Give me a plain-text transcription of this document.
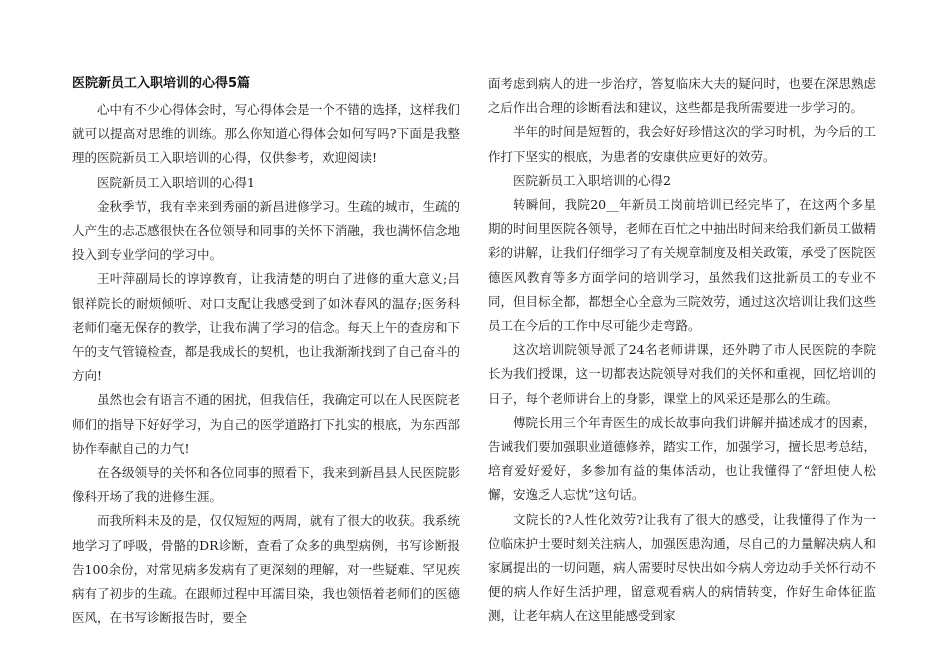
医院新员工入职培训的心得5篇

心中有不少心得体会时，写心得体会是一个不错的选择，这样我们就可以提高对思维的训练。那么你知道心得体会如何写吗?下面是我整理的医院新员工入职培训的心得，仅供参考，欢迎阅读!

医院新员工入职培训的心得1

金秋季节，我有幸来到秀丽的新昌进修学习。生疏的城市，生疏的人产生的忐忑感很快在各位领导和同事的关怀下消融，我也满怀信念地投入到专业学问的学习中。

王叶萍副局长的谆谆教育，让我清楚的明白了进修的重大意义;吕银祥院长的耐烦倾听、对口支配让我感受到了如沐春风的温存;医务科老师们毫无保存的教学，让我布满了学习的信念。每天上午的查房和下午的支气管镜检查，都是我成长的契机，也让我渐渐找到了自己奋斗的方向!

虽然也会有语言不通的困扰，但我信任，我确定可以在人民医院老师们的指导下好好学习，为自己的医学道路打下扎实的根底，为东西部协作奉献自己的力气!

在各级领导的关怀和各位同事的照看下，我来到新昌县人民医院影像科开场了我的进修生涯。

而我所料未及的是，仅仅短短的两周，就有了很大的收获。我系统地学习了呼吸，骨骼的DR诊断，查看了众多的典型病例，书写诊断报告100余份，对常见病多发病有了更深刻的理解，对一些疑难、罕见疾病有了初步的生疏。在跟师过程中耳濡目染，我也领悟着老师们的医德医风，在书写诊断报告时，要全

面考虑到病人的进一步治疗，答复临床大夫的疑问时，也要在深思熟虑之后作出合理的诊断看法和建议，这些都是我所需要进一步学习的。

半年的时间是短暂的，我会好好珍惜这次的学习时机，为今后的工作打下坚实的根底，为患者的安康供应更好的效劳。

医院新员工入职培训的心得2

转瞬间，我院20__年新员工岗前培训已经完毕了，在这两个多星期的时间里医院各领导，老师在百忙之中抽出时间来给我们新员工做精彩的讲解，让我们仔细学习了有关规章制度及相关政策，承受了医院医德医风教育等多方面学问的培训学习，虽然我们这批新员工的专业不同，但目标全都，都想全心全意为三院效劳，通过这次培训让我们这些员工在今后的工作中尽可能少走弯路。

这次培训院领导派了24名老师讲课，还外聘了市人民医院的李院长为我们授课，这一切都表达院领导对我们的关怀和重视，回忆培训的日子，每个老师讲台上的身影，课堂上的风采还是那么的生疏。

傅院长用三个年青医生的成长故事向我们讲解并描述成才的因素，告诫我们要加强职业道德修养，踏实工作，加强学习，擅长思考总结，培育爱好爱好，多参加有益的集体活动，也让我懂得了“舒坦使人松懈，安逸乏人忘忧”这句话。

文院长的?人性化效劳?让我有了很大的感受，让我懂得了作为一位临床护士要时刻关注病人，加强医患沟通，尽自己的力量解决病人和家属提出的一切问题，病人需要时尽快出如今病人旁边动手关怀行动不便的病人作好生活护理，留意观看病人的病情转变，作好生命体征监测，让老年病人在这里能感受到家
